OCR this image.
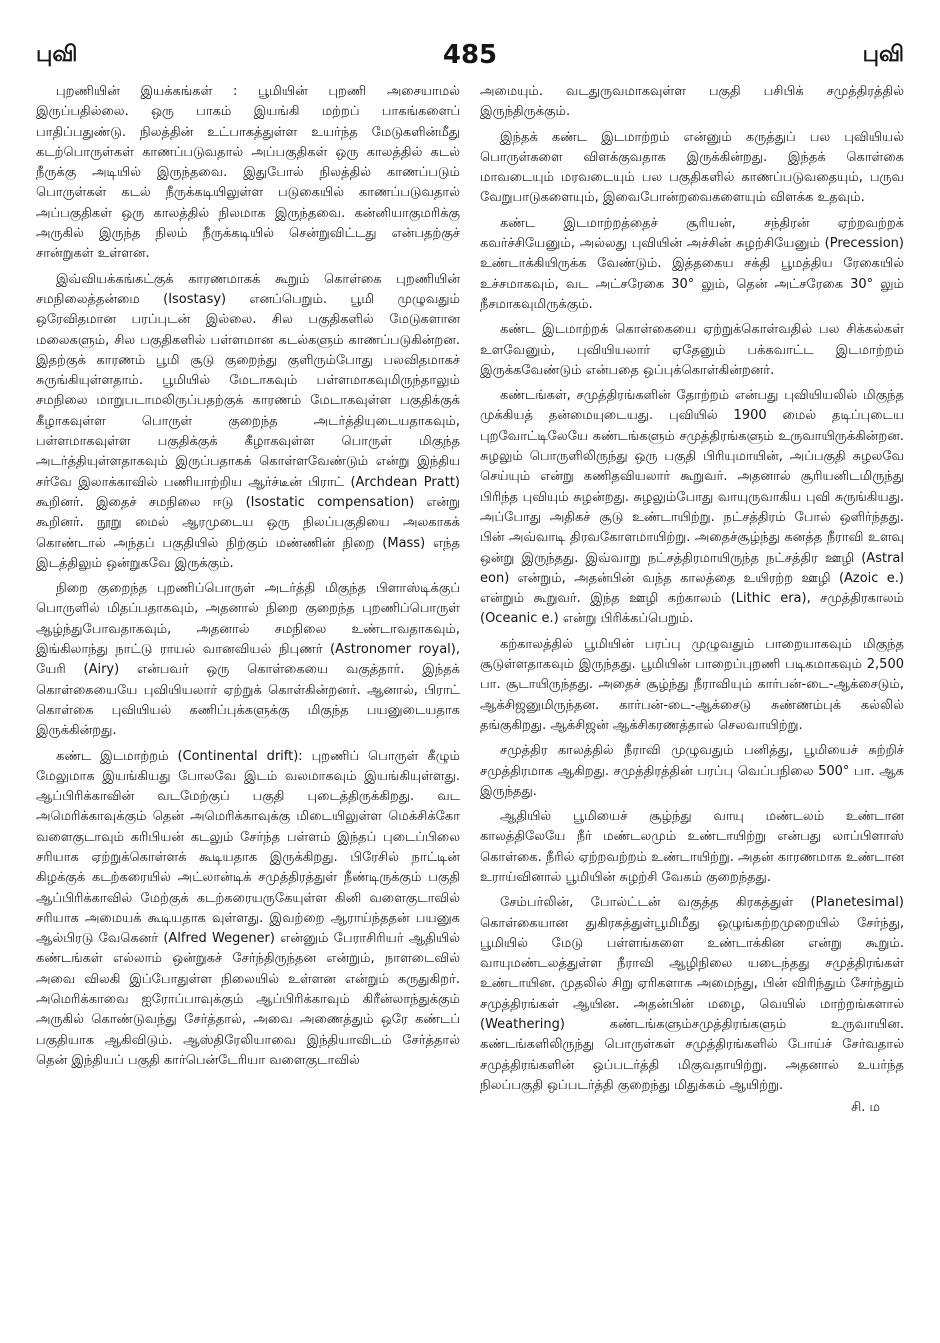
புவி	485	புவி

புறணியின் இயக்கங்கள் : பூமியின் புறணி அசையாமல் இருப்பதில்லை. ஒரு பாகம் இயங்கி மற்றப் பாகங்களைப் பாதிப்பதுண்டு. நிலத்தின் உட்பாகத்துள்ள உயர்ந்த மேடுகளின்மீது கடற்பொருள்கள் காணப்படுவதால் அப்பகுதிகள் ஒரு காலத்தில் கடல் நீருக்கு அடியில் இருந்தவை. இதுபோல் நிலத்தில் காணப்படும் பொருள்கள் கடல் நீருக்கடியிலுள்ள படுகையில் காணப்படுவதால் அப்பகுதிகள் ஒரு காலத்தில் நிலமாக இருந்தவை. கன்னியாகுமரிக்கு அருகில் இருந்த நிலம் நீருக்கடியில் சென்றுவிட்டது என்பதற்குச் சான்றுகள் உள்ளன.

இவ்வியக்கங்கட்குக் காரணமாகக் கூறும் கொள்கை புறணியின் சமநிலைத்தன்மை (Isostasy) எனப்பெறும். பூமி முழுவதும் ஒரேவிதமான பரப்புடன் இல்லை. சில பகுதிகளில் மேடுகளான மலைகளும், சில பகுதிகளில் பள்ளமான கடல்களும் காணப்படுகின்றன. இதற்குக் காரணம் பூமி சூடு குறைந்து குளிரும்போது பலவிதமாகச் சுருங்கியுள்ளதாம். பூமியில் மேடாகவும் பள்ளமாகவுமிருந்தாலும் சமநிலை மாறுபடாமலிருப்பதற்குக் காரணம் மேடாகவுள்ள பகுதிக்குக் கீழாகவுள்ள பொருள் குறைந்த அடர்த்தியுடையதாகவும், பள்ளமாகவுள்ள பகுதிக்குக் கீழாகவுள்ள பொருள் மிகுந்த அடர்த்தியுள்ளதாகவும் இருப்பதாகக் கொள்ளவேண்டும் என்று இந்திய சர்வே இலாக்காவில் பணியாற்றிய ஆர்ச்டீன் பிராட் (Archdean Pratt) கூறினர். இதைச் சமநிலை ஈடு (Isostatic compensation) என்று கூறினர். நூறு மைல் ஆரமுடைய ஒரு நிலப்பகுதியை அலகாகக் கொண்டால் அந்தப் பகுதியில் நிற்கும் மண்ணின் நிறை (Mass) எந்த இடத்திலும் ஒன்றுகவே இருக்கும்.

நிறை குறைந்த புறணிப்பொருள் அடர்த்தி மிகுந்த பிளாஸ்டிக்குப் பொருளில் மிதப்பதாகவும், அதனால் நிறை குறைந்த புறணிப்பொருள் ஆழ்ந்துபோவதாகவும், அதனால் சமநிலை உண்டாவதாகவும், இங்கிலாந்து நாட்டு ராயல் வானவியல் நிபுணர் (Astronomer royal), யேரி (Airy) என்பவர் ஒரு கொள்கையை வகுத்தார். இந்தக் கொள்கையையே புவியியலார் ஏற்றுக் கொள்கின்றனர். ஆனால், பிராட் கொள்கை புவியியல் கணிப்புக்களுக்கு மிகுந்த பயனுடையதாக இருக்கின்றது.

கண்ட இடமாற்றம் (Continental drift): புறணிப் பொருள் கீழும் மேலுமாக இயங்கியது போலவே இடம் வலமாகவும் இயங்கியுள்ளது. ஆப்பிரிக்காவின் வடமேற்குப் பகுதி புடைத்திருக்கிறது. வட அமெரிக்காவுக்கும் தென் அமெரிக்காவுக்கு மிடையிலுள்ள மெக்சிக்கோ வளைகுடாவும் கரிபியன் கடலும் சேர்ந்த பள்ளம் இந்தப் புடைப்பிலை சரியாக ஏற்றுக்கொள்ளக் கூடியதாக இருக்கிறது. பிரேசில் நாட்டின் கிழக்குக் கடற்கரையில் அட்லான்டிக் சமுத்திரத்துள் நீண்டிருக்கும் பகுதி ஆப்பிரிக்காவில் மேற்குக் கடற்கரையருகேயுள்ள கினி வளைகுடாவில் சரியாக அமையக் கூடியதாக வுள்ளது. இவற்றை ஆராய்ந்ததன் பயனுக ஆல்பிரடு வேகெனர் (Alfred Wegener) என்னும் பேராசிரியர் ஆதியில் கண்டங்கள் எல்லாம் ஒன்றுகச் சேர்ந்திருந்தன என்றும், நாளடைவில் அவை விலகி இப்போதுள்ள நிலையில் உள்ளன என்றும் கருதுகிறர். அமெரிக்காவை ஐரோப்பாவுக்கும் ஆப்பிரிக்காவும் கிரீன்லாந்துக்கும் அருகில் கொண்டுவந்து சேர்த்தால், அவை அணைத்தும் ஒரே கண்டப் பகுதியாக ஆகிவிடும். ஆஸ்திரேலியாவை இந்தியாவிடம் சேர்த்தால் தென் இந்தியப் பகுதி கார்பென்டேரியா வளைகுடாவில்

அமையும். வடதுருவமாகவுள்ள பகுதி பசிபிக் சமுத்திரத்தில் இருந்திருக்கும்.

இந்தக் கண்ட இடமாற்றம் என்னும் கருத்துப் பல புவியியல் பொருள்களை விளக்குவதாக இருக்கின்றது. இந்தக் கொள்கை மாவடையும் மரவடையும் பல பகுதிகளில் காணப்படுவதையும், பருவ வேறுபாடுகளையும், இவைபோன்றவைகளையும் விளக்க உதவும்.

கண்ட இடமாற்றத்தைச் சூரியன், சந்திரன் ஏற்றவற்றக் கவர்ச்சியேனும், அல்லது புவியின் அச்சின் சுழற்சியேனும் (Precession) உண்டாக்கியிருக்க வேண்டும். இத்தகைய சக்தி பூமத்திய ரேகையில் உச்சமாகவும், வட அட்சரேகை 30° லும், தென் அட்சரேகை 30° லும் நீசமாகவுமிருக்கும்.

கண்ட இடமாற்றக் கொள்கையை ஏற்றுக்கொள்வதில் பல சிக்கல்கள் உளவேனும், புவியியலார் ஏதேனும் பக்கவாட்ட இடமாற்றம் இருக்கவேண்டும் என்பதை ஒப்புக்கொள்கின்றனர்.

கண்டங்கள், சமுத்திரங்களின் தோற்றம் என்பது புவியியலில் மிகுந்த முக்கியத் தன்மையுடையது. புவியில் 1900 மைல் தடிப்புடைய புறவோட்டிலேயே கண்டங்களும் சமுத்திரங்களும் உருவாயிருக்கின்றன. சுழலும் பொருளிலிருந்து ஒரு பகுதி பிரியுமாயின், அப்பகுதி சுழலவே செய்யும் என்று கணிதவியலார் கூறுவர். அதனால் சூரியனிடமிருந்து பிரிந்த புவியும் சுழன்றது. சுழலும்போது வாயுருவாகிய புவி சுருங்கியது. அப்போது அதிகச் சூடு உண்டாயிற்று. நட்சத்திரம் போல் ஒளிர்ந்தது. பின் அவ்வாடி திரவகோளமாயிற்று. அதைச்சூழ்ந்து கனத்த நீராவி உளவு ஒன்று இருந்தது. இவ்வாறு நட்சத்திரமாயிருந்த நட்சத்திர ஊழி (Astral eon) என்றும், அதன்பின் வந்த காலத்தை உயிரற்ற ஊழி (Azoic e.) என்றும் கூறுவர். இந்த ஊழி கற்காலம் (Lithic era), சமுத்திரகாலம் (Oceanic e.) என்று பிரிக்கப்பெறும்.

கற்காலத்தில் பூமியின் பரப்பு முழுவதும் பாறையாகவும் மிகுந்த சூடுள்ளதாகவும் இருந்தது. பூமியின் பாறைப்புறணி படிகமாகவும் 2,500 பா. சூடாயிருந்தது. அதைச் சூழ்ந்து நீராவியும் கார்பன்-டை-ஆக்சைடும், ஆக்சிஜனுமிருந்தன. கார்பன்-டை-ஆக்சைடு சுண்ணம்புக் கல்லில் தங்குகிறது. ஆக்சிஜன் ஆக்சிகரணத்தால் செலவாயிற்று.

சமுத்திர காலத்தில் நீராவி முழுவதும் பனித்து, பூமியைச் சுற்றிச் சமுத்திரமாக ஆகிறது. சமுத்திரத்தின் பரப்பு வெப்பநிலை 500° பா. ஆக இருந்தது.

ஆதியில் பூமியைச் சூழ்ந்து வாயு மண்டலம் உண்டான காலத்திலேயே நீர் மண்டலமும் உண்டாயிற்று என்பது லாப்பிளாஸ் கொள்கை. நீரில் ஏற்றவற்றம் உண்டாயிற்று. அதன் காரணமாக உண்டான உராய்வினால் பூமியின் சுழற்சி வேகம் குறைந்தது.

சேம்பர்லின், போல்ட்டன் வகுத்த கிரகத்துள் (Planetesimal) கொள்கையான துகிரகத்துள்பூமிமீது ஒழுங்கற்றமுறையில் சேர்ந்து, பூமியில் மேடு பள்ளங்களை உண்டாக்கின என்று கூறும். வாயுமண்டலத்துள்ள நீராவி ஆழிநிலை யடைந்தது சமுத்திரங்கள் உண்டாயின. முதலில் சிறு ஏரிகளாக அமைந்து, பின் விரிந்தும் சேர்ந்தும் சமுத்திரங்கள் ஆயின. அதன்பின் மழை, வெயில் மாற்றங்களால் (Weathering) கண்டங்களும்சமுத்திரங்களும் உருவாயின. கண்டங்களிலிருந்து பொருள்கள் சமுத்திரங்களில் போய்ச் சேர்வதால் சமுத்திரங்களின் ஒப்படர்த்தி மிகுவதாயிற்று. அதனால் உயர்ந்த நிலப்பகுதி ஒப்படர்த்தி குறைந்து மிதுக்கம் ஆயிற்று.

சி. ம
